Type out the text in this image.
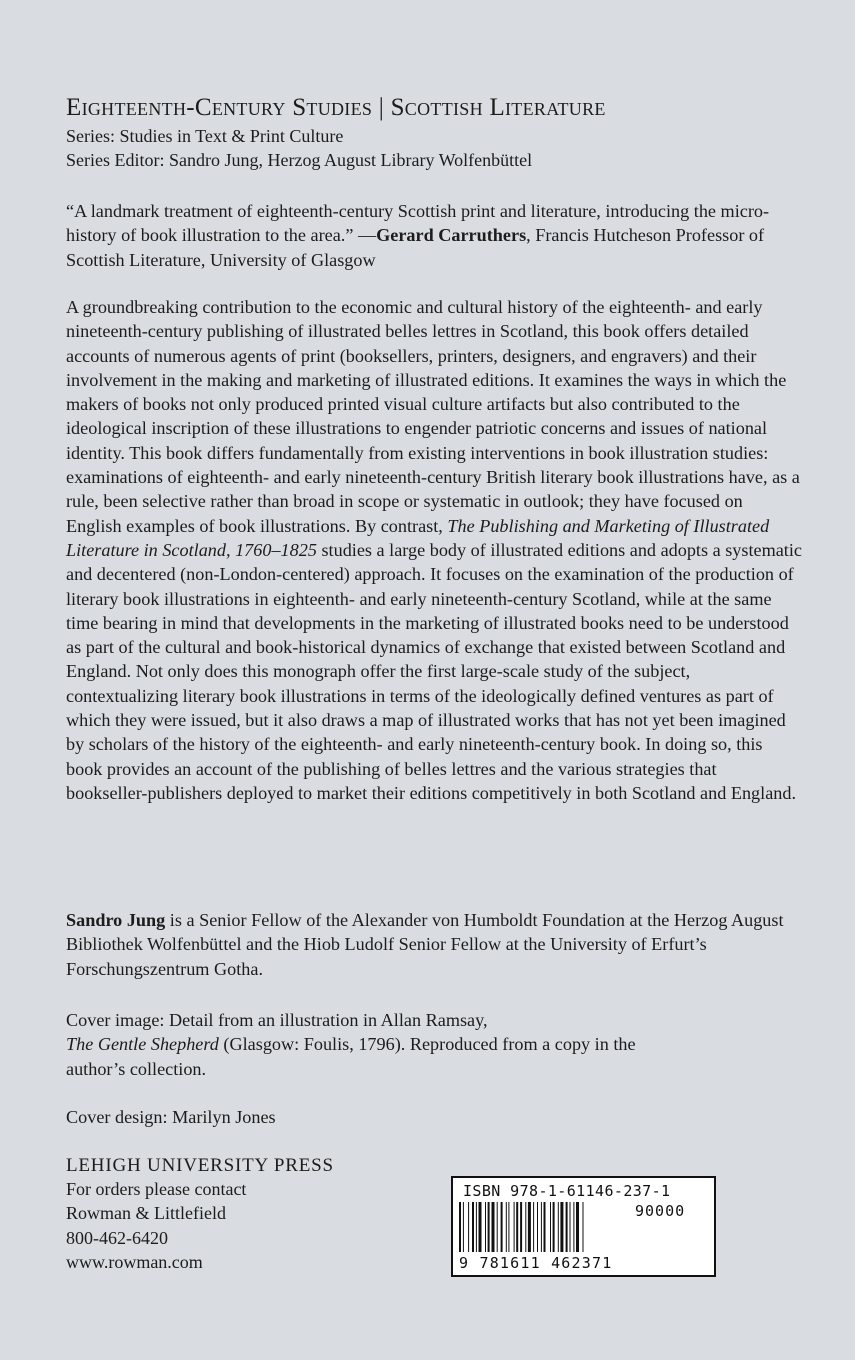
Eighteenth-Century Studies | Scottish Literature
Series: Studies in Text & Print Culture
Series Editor: Sandro Jung, Herzog August Library Wolfenbüttel
“A landmark treatment of eighteenth-century Scottish print and literature, introducing the micro-history of book illustration to the area.” —Gerard Carruthers, Francis Hutcheson Professor of Scottish Literature, University of Glasgow
A groundbreaking contribution to the economic and cultural history of the eighteenth- and early nineteenth-century publishing of illustrated belles lettres in Scotland, this book offers detailed accounts of numerous agents of print (booksellers, printers, designers, and engravers) and their involvement in the making and marketing of illustrated editions. It examines the ways in which the makers of books not only produced printed visual culture artifacts but also contributed to the ideological inscription of these illustrations to engender patriotic concerns and issues of national identity. This book differs fundamentally from existing interventions in book illustration studies: examinations of eighteenth- and early nineteenth-century British literary book illustrations have, as a rule, been selective rather than broad in scope or systematic in outlook; they have focused on English examples of book illustrations. By contrast, The Publishing and Marketing of Illustrated Literature in Scotland, 1760–1825 studies a large body of illustrated editions and adopts a systematic and decentered (non-London-centered) approach. It focuses on the examination of the production of literary book illustrations in eighteenth- and early nineteenth-century Scotland, while at the same time bearing in mind that developments in the marketing of illustrated books need to be understood as part of the cultural and book-historical dynamics of exchange that existed between Scotland and England. Not only does this monograph offer the first large-scale study of the subject, contextualizing literary book illustrations in terms of the ideologically defined ventures as part of which they were issued, but it also draws a map of illustrated works that has not yet been imagined by scholars of the history of the eighteenth- and early nineteenth-century book. In doing so, this book provides an account of the publishing of belles lettres and the various strategies that bookseller-publishers deployed to market their editions competitively in both Scotland and England.
Sandro Jung is a Senior Fellow of the Alexander von Humboldt Foundation at the Herzog August Bibliothek Wolfenbüttel and the Hiob Ludolf Senior Fellow at the University of Erfurt’s Forschungszentrum Gotha.
Cover image: Detail from an illustration in Allan Ramsay,
The Gentle Shepherd (Glasgow: Foulis, 1796). Reproduced from a copy in the author’s collection.
Cover design: Marilyn Jones
LEHIGH UNIVERSITY PRESS
For orders please contact
Rowman & Littlefield
800-462-6420
www.rowman.com
ISBN 978-1-61146-237-1
90000
9 781611 462371
